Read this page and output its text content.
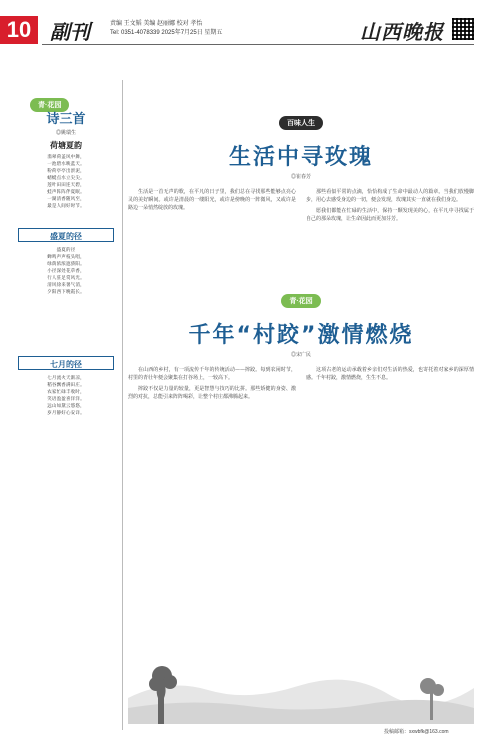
10 副刊	责编 王文韬 美编 赵丽娜 校对 孝怡
Tel: 0351-4078339 2025年7月25日 星期五	山西晚报
青·花园
诗三首
◎姚瑞生
荷塘夏韵
翡翠荷盖风中舞，
一池碧水映蓝天。
粉荷亭亭出淤泥，
蜻蜓点水立尖尖。
莲叶田田连天碧，
蛙声阵阵伴夏眠。
一湖清香随风至，
最是人间好时节。
盛夏的径
盛夏的径
蝉鸣声声枝头唱，
绿荫浓浓遮骄阳。
小径深处花草香，
行人驻足赏风光。
清风徐来暑气消，
夕阳西下晚霞长。
七月的径
七月流火天渐凉，
稻谷飘香满田庄。
农家忙碌丰收时，
笑语盈盈喜洋洋。
远山如黛云悠悠，
岁月静好心安详。
百味人生
生活中寻玫瑰
◎崔春芳

生活是一首无声的歌，在平凡的日子里，我们总在寻找那些能够点亮心灵的美好瞬间。或许是清晨的一缕阳光，或许是傍晚的一阵微风，又或许是路边一朵悄然绽放的玫瑰。

那些看似平常的点滴，恰恰构成了生命中最动人的篇章。当我们放慢脚步，用心去感受身边的一切，便会发现，玫瑰其实一直就在我们身边。

愿我们都能在忙碌的生活中，保持一颗发现美的心，在平凡中寻找属于自己的那朵玫瑰，让生命因此而更加芬芳。

青·花园
千年“村跤”激情燃烧
◎宋广民

在山西的乡村，有一项流传千年的传统活动——摔跤。每到农闲时节，村里的青壮年便会聚集在打谷场上，一较高下。

摔跤不仅是力量的较量，更是智慧与技巧的比拼。那些矫健的身姿、激烈的对抗，总能引来阵阵喝彩，让整个村庄都沸腾起来。

这项古老的运动承载着乡亲们对生活的热爱，也寄托着对家乡的深厚情感。千年村跤，激情燃烧，生生不息。

投稿邮箱：sxwbfk@163.com
